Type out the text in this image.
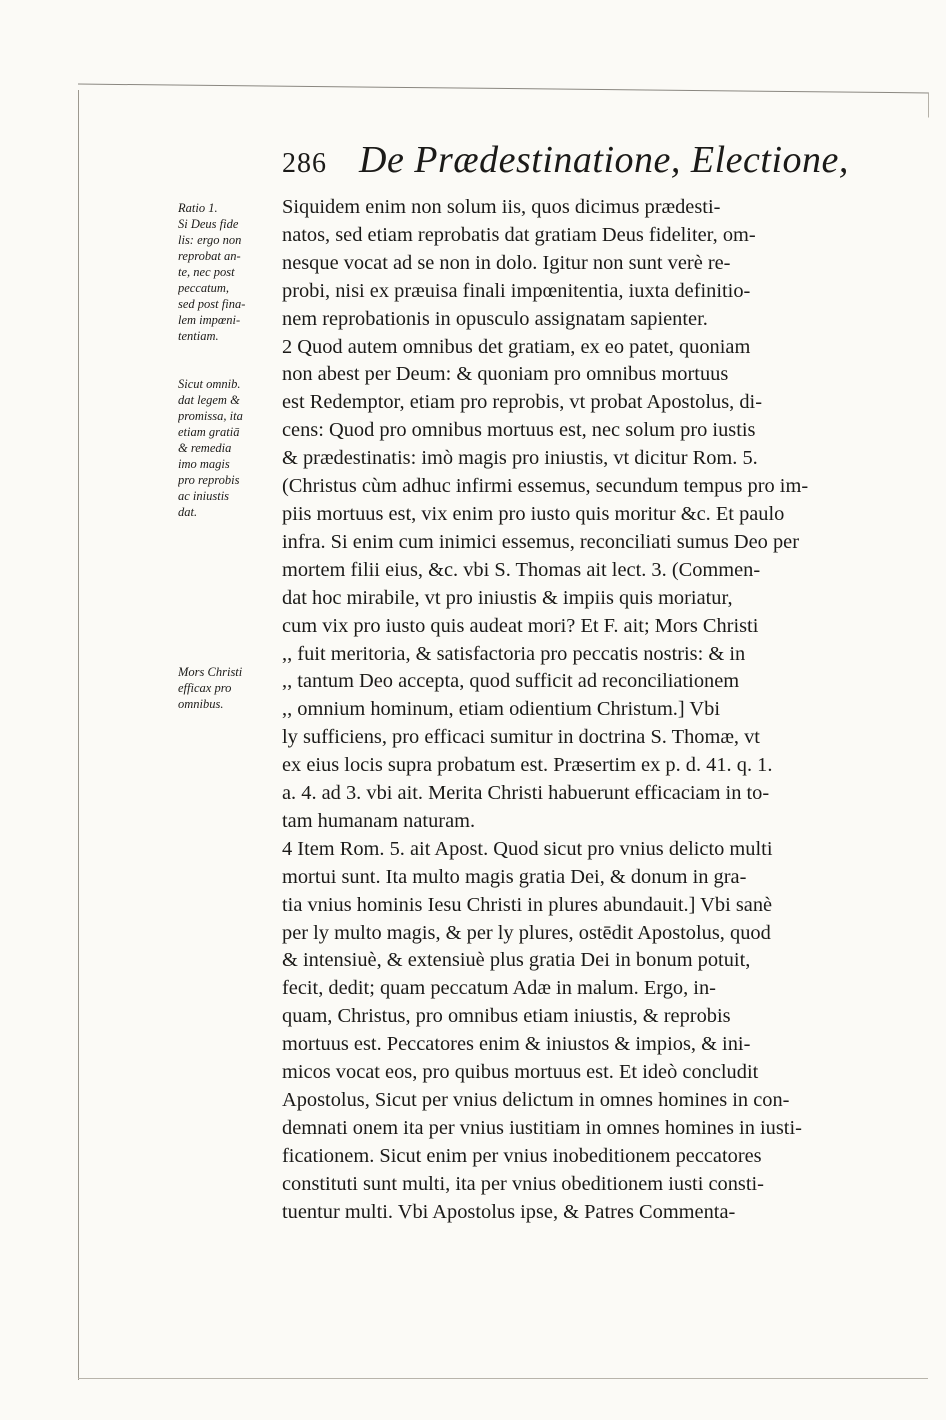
286 De Prædestinatione, Electione,
Ratio 1.
Si Deus fide
lis: ergo non
reprobat an-
te, nec post
peccatum,
sed post fina-
lem impœni-
tentiam.
Sicut omnib.
dat legem &
promissa, ita
etiam gratiā
& remedia
imo magis
pro reprobis
ac iniustis
dat.
Mors Christi
efficax pro
omnibus.
Siquidem enim non solum iis, quos dicimus prædesti-
natos, sed etiam reprobatis dat gratiam Deus fideliter, om-
nesque vocat ad se non in dolo. Igitur non sunt verè re-
probi, nisi ex præuisa finali impœnitentia, iuxta definitio-
nem reprobationis in opusculo assignatam sapienter.
2 Quod autem omnibus det gratiam, ex eo patet, quoniam
non abest per Deum: & quoniam pro omnibus mortuus
est Redemptor, etiam pro reprobis, vt probat Apostolus, di-
cens: Quod pro omnibus mortuus est, nec solum pro iustis
& prædestinatis: imò magis pro iniustis, vt dicitur Rom. 5.
(Christus cùm adhuc infirmi essemus, secundum tempus pro im-
piis mortuus est, vix enim pro iusto quis moritur &c. Et paulo
infra. Si enim cum inimici essemus, reconciliati sumus Deo per
mortem filii eius, &c. vbi S. Thomas ait lect. 3. (Commen-
dat hoc mirabile, vt pro iniustis & impiis quis moriatur,
cum vix pro iusto quis audeat mori? Et F. ait; Mors Christi
,, fuit meritoria, & satisfactoria pro peccatis nostris: & in
,, tantum Deo accepta, quod sufficit ad reconciliationem
,, omnium hominum, etiam odientium Christum.] Vbi
ly sufficiens, pro efficaci sumitur in doctrina S. Thomæ, vt
ex eius locis supra probatum est. Præsertim ex p. d. 41. q. 1.
a. 4. ad 3. vbi ait. Merita Christi habuerunt efficaciam in to-
tam humanam naturam.
4 Item Rom. 5. ait Apost. Quod sicut pro vnius delicto multi
mortui sunt. Ita multo magis gratia Dei, & donum in gra-
tia vnius hominis Iesu Christi in plures abundauit.] Vbi sanè
per ly multo magis, & per ly plures, ostēdit Apostolus, quod
& intensiuè, & extensiuè plus gratia Dei in bonum potuit,
fecit, dedit; quam peccatum Adæ in malum. Ergo, in-
quam, Christus, pro omnibus etiam iniustis, & reprobis
mortuus est. Peccatores enim & iniustos & impios, & ini-
micos vocat eos, pro quibus mortuus est. Et ideò concludit
Apostolus, Sicut per vnius delictum in omnes homines in con-
demnati onem ita per vnius iustitiam in omnes homines in iusti-
ficationem. Sicut enim per vnius inobeditionem peccatores
constituti sunt multi, ita per vnius obeditionem iusti consti-
tuentur multi. Vbi Apostolus ipse, & Patres Commenta-
